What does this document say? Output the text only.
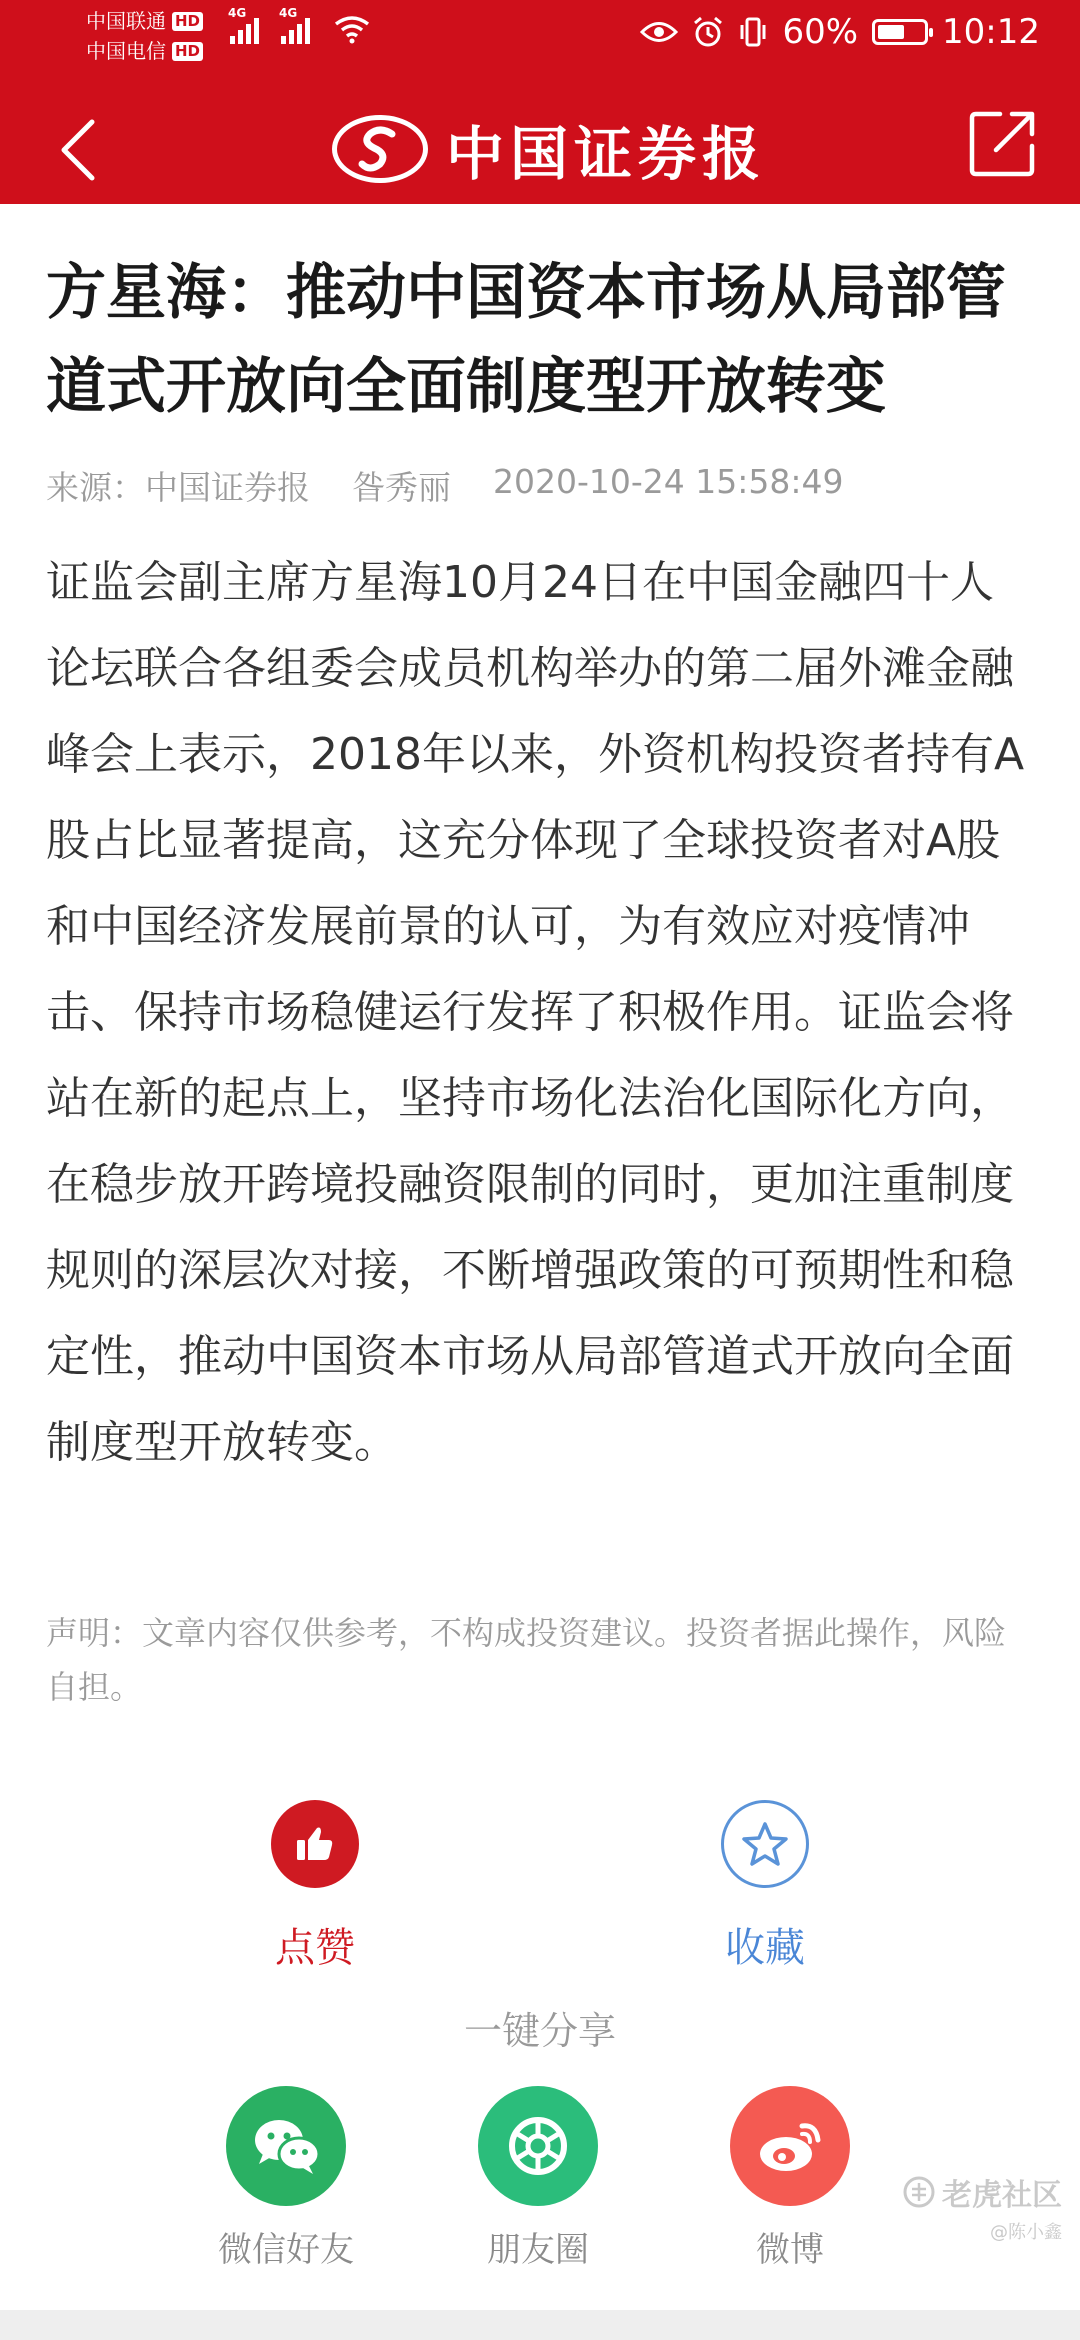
中国联通 HD
中国电信 HD
4G	4G	60% 10:12
中国证券报
方星海：推动中国资本市场从局部管道式开放向全面制度型开放转变
来源：中国证券报 昝秀丽 2020-10-24 15:58:49

证监会副主席方星海10月24日在中国金融四十人论坛联合各组委会成员机构举办的第二届外滩金融峰会上表示，2018年以来，外资机构投资者持有A股占比显著提高，这充分体现了全球投资者对A股和中国经济发展前景的认可，为有效应对疫情冲击、保持市场稳健运行发挥了积极作用。证监会将站在新的起点上，坚持市场化法治化国际化方向，在稳步放开跨境投融资限制的同时，更加注重制度规则的深层次对接，不断增强政策的可预期性和稳定性，推动中国资本市场从局部管道式开放向全面制度型开放转变。

声明：文章内容仅供参考，不构成投资建议。投资者据此操作，风险自担。

点赞	收藏
一键分享
微信好友	朋友圈	微博
老虎社区
@陈小鑫
